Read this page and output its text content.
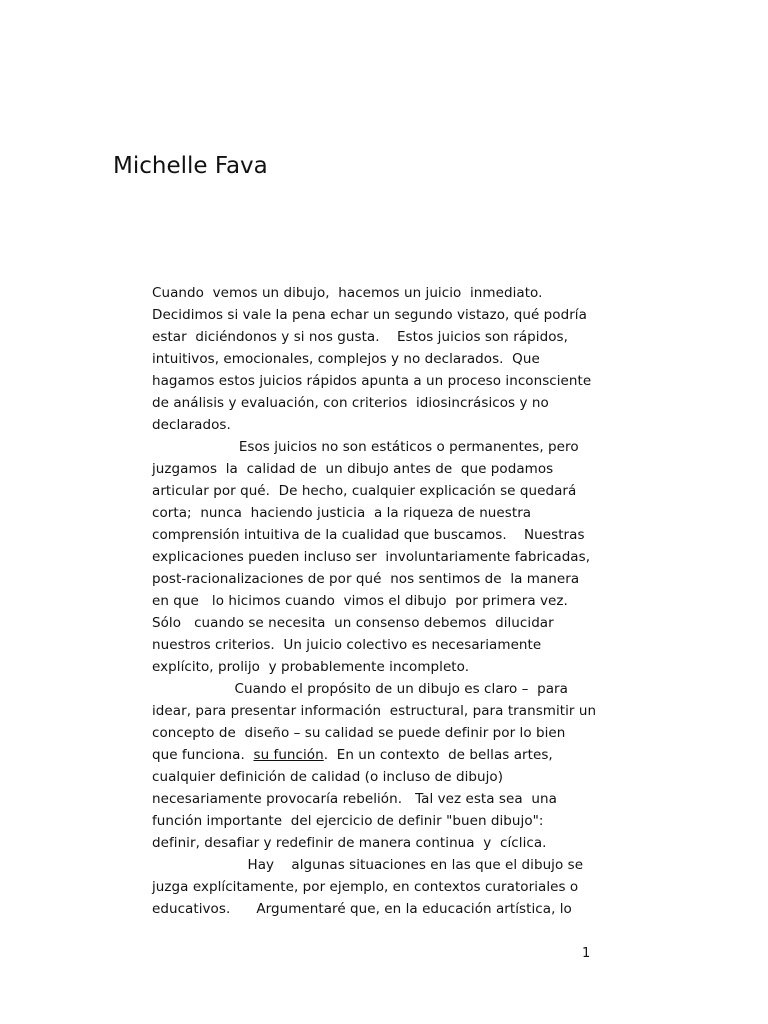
Michelle Fava
Cuando  vemos un dibujo,  hacemos un juicio  inmediato.
Decidimos si vale la pena echar un segundo vistazo, qué podría
estar  diciéndonos y si nos gusta.    Estos juicios son rápidos,
intuitivos, emocionales, complejos y no declarados.  Que
hagamos estos juicios rápidos apunta a un proceso inconsciente
de análisis y evaluación, con criterios  idiosincrásicos y no
declarados.
Esos juicios no son estáticos o permanentes, pero
juzgamos  la  calidad de  un dibujo antes de  que podamos
articular por qué.  De hecho, cualquier explicación se quedará
corta;  nunca  haciendo justicia  a la riqueza de nuestra
comprensión intuitiva de la cualidad que buscamos.    Nuestras
explicaciones pueden incluso ser  involuntariamente fabricadas,
post-racionalizaciones de por qué  nos sentimos de  la manera
en que   lo hicimos cuando  vimos el dibujo  por primera vez.
Sólo   cuando se necesita  un consenso debemos  dilucidar
nuestros criterios.  Un juicio colectivo es necesariamente
explícito, prolijo  y probablemente incompleto.
Cuando el propósito de un dibujo es claro –  para
idear, para presentar información  estructural, para transmitir un
concepto de  diseño – su calidad se puede definir por lo bien
que funciona.  su función.  En un contexto  de bellas artes,
cualquier definición de calidad (o incluso de dibujo)
necesariamente provocaría rebelión.   Tal vez esta sea  una
función importante  del ejercicio de definir "buen dibujo":
definir, desafiar y redefinir de manera continua  y  cíclica.
Hay    algunas situaciones en las que el dibujo se
juzga explícitamente, por ejemplo, en contextos curatoriales o
educativos.      Argumentaré que, en la educación artística, lo
1
